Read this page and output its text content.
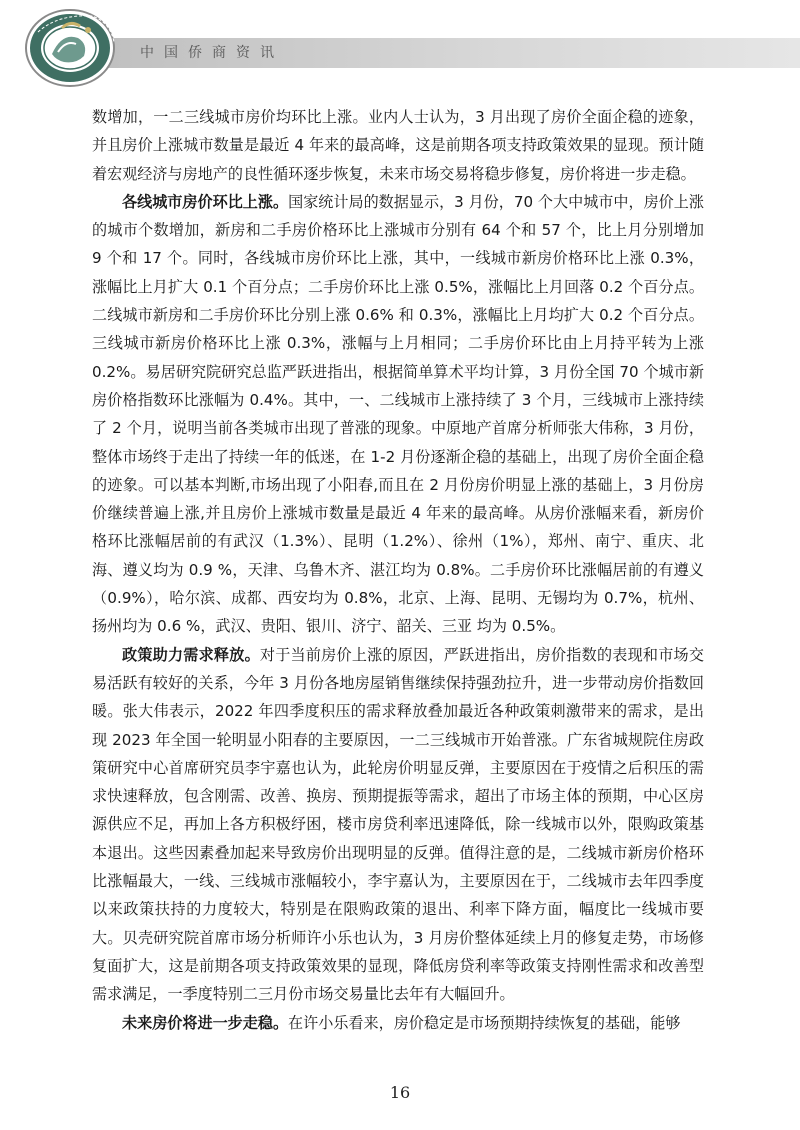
中国侨商资讯

数增加，一二三线城市房价均环比上涨。业内人士认为，3 月出现了房价全面企稳的迹象，并且房价上涨城市数量是最近 4 年来的最高峰，这是前期各项支持政策效果的显现。预计随着宏观经济与房地产的良性循环逐步恢复，未来市场交易将稳步修复，房价将进一步走稳。

各线城市房价环比上涨。国家统计局的数据显示，3 月份，70 个大中城市中，房价上涨的城市个数增加，新房和二手房价格环比上涨城市分别有 64 个和 57 个，比上月分别增加 9 个和 17 个。同时，各线城市房价环比上涨，其中，一线城市新房价格环比上涨 0.3%，涨幅比上月扩大 0.1 个百分点；二手房价环比上涨 0.5%，涨幅比上月回落 0.2 个百分点。二线城市新房和二手房价环比分别上涨 0.6% 和 0.3%，涨幅比上月均扩大 0.2 个百分点。三线城市新房价格环比上涨 0.3%，涨幅与上月相同；二手房价环比由上月持平转为上涨 0.2%。易居研究院研究总监严跃进指出，根据简单算术平均计算，3 月份全国 70 个城市新房价格指数环比涨幅为 0.4%。其中，一、二线城市上涨持续了 3 个月，三线城市上涨持续了 2 个月，说明当前各类城市出现了普涨的现象。中原地产首席分析师张大伟称，3 月份，整体市场终于走出了持续一年的低迷，在 1-2 月份逐渐企稳的基础上，出现了房价全面企稳的迹象。可以基本判断,市场出现了小阳春,而且在 2 月份房价明显上涨的基础上，3 月份房价继续普遍上涨,并且房价上涨城市数量是最近 4 年来的最高峰。从房价涨幅来看，新房价格环比涨幅居前的有武汉（1.3%）、昆明（1.2%）、徐州（1%），郑州、南宁、重庆、北海、遵义均为 0.9 %，天津、乌鲁木齐、湛江均为 0.8%。二手房价环比涨幅居前的有遵义（0.9%），哈尔滨、成都、西安均为 0.8%，北京、上海、昆明、无锡均为 0.7%，杭州、扬州均为 0.6 %，武汉、贵阳、银川、济宁、韶关、三亚 均为 0.5%。

政策助力需求释放。对于当前房价上涨的原因，严跃进指出，房价指数的表现和市场交易活跃有较好的关系，今年 3 月份各地房屋销售继续保持强劲拉升，进一步带动房价指数回暖。张大伟表示，2022 年四季度积压的需求释放叠加最近各种政策刺激带来的需求，是出现 2023 年全国一轮明显小阳春的主要原因，一二三线城市开始普涨。广东省城规院住房政策研究中心首席研究员李宇嘉也认为，此轮房价明显反弹，主要原因在于疫情之后积压的需求快速释放，包含刚需、改善、换房、预期提振等需求，超出了市场主体的预期，中心区房源供应不足，再加上各方积极纾困，楼市房贷利率迅速降低，除一线城市以外，限购政策基本退出。这些因素叠加起来导致房价出现明显的反弹。值得注意的是，二线城市新房价格环比涨幅最大，一线、三线城市涨幅较小，李宇嘉认为，主要原因在于，二线城市去年四季度以来政策扶持的力度较大，特别是在限购政策的退出、利率下降方面，幅度比一线城市要大。贝壳研究院首席市场分析师许小乐也认为，3 月房价整体延续上月的修复走势，市场修复面扩大，这是前期各项支持政策效果的显现，降低房贷利率等政策支持刚性需求和改善型需求满足，一季度特别二三月份市场交易量比去年有大幅回升。

未来房价将进一步走稳。在许小乐看来，房价稳定是市场预期持续恢复的基础，能够

16
